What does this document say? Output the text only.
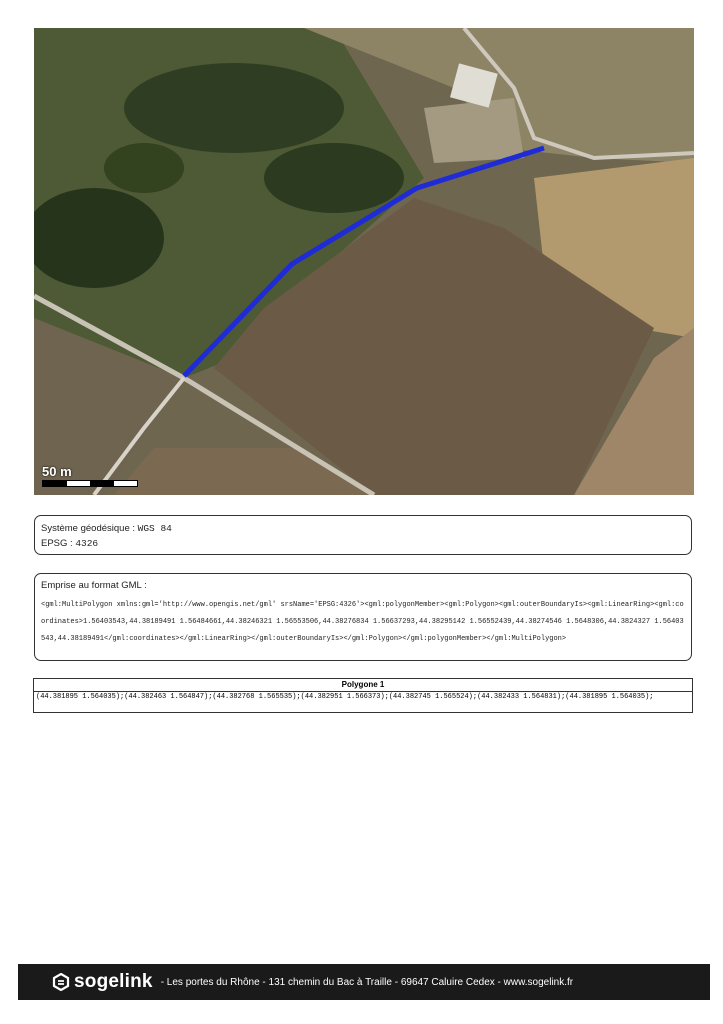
50 m
Système géodésique : WGS 84
EPSG : 4326
Emprise au format GML :
<gml:MultiPolygon xmlns:gml='http://www.opengis.net/gml' srsName='EPSG:4326'><gml:polygonMember><gml:Polygon><gml:outerBoundaryIs><gml:LinearRing><gml:coordinates>1.56403543,44.38189491 1.56484661,44.38246321 1.56553506,44.38276834 1.56637293,44.38295142 1.56552439,44.38274546 1.5648306,44.3824327 1.56403543,44.38189491</gml:coordinates></gml:LinearRing></gml:outerBoundaryIs></gml:Polygon></gml:polygonMember></gml:MultiPolygon>
Polygone 1
(44.381895 1.564035);(44.382463 1.564847);(44.382768 1.565535);(44.382951 1.566373);(44.382745 1.565524);(44.382433 1.564831);(44.381895 1.564035);
sogelink - Les portes du Rhône - 131 chemin du Bac à Traille - 69647 Caluire Cedex - www.sogelink.fr
